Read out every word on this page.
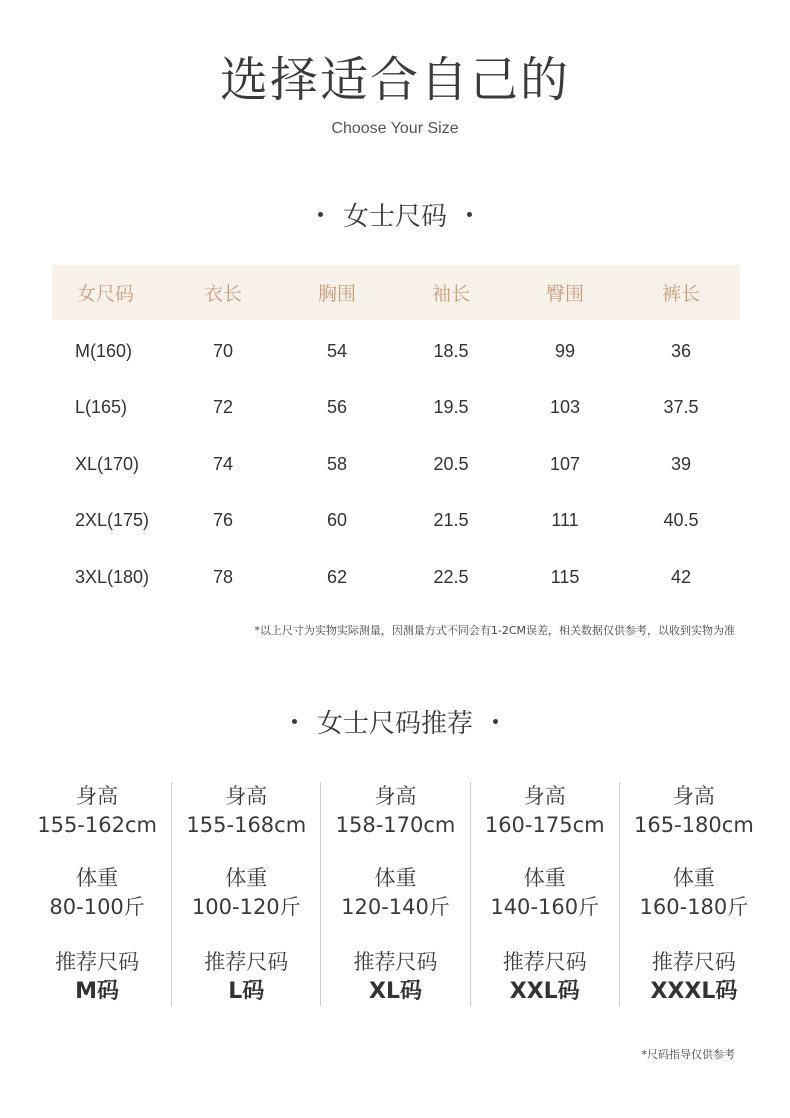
选择适合自己的
Choose Your Size
女士尺码
女尺码	衣长	胸围	袖长	臀围	裤长
M(160)	70	54	18.5	99	36
L(165)	72	56	19.5	103	37.5
XL(170)	74	58	20.5	107	39
2XL(175)	76	60	21.5	111	40.5
3XL(180)	78	62	22.5	115	42
*以上尺寸为实物实际测量，因测量方式不同会有1-2CM误差，相关数据仅供参考，以收到实物为准
女士尺码推荐
身高
155-162cm
体重
80-100斤
推荐尺码
M码
身高
155-168cm
体重
100-120斤
推荐尺码
L码
身高
158-170cm
体重
120-140斤
推荐尺码
XL码
身高
160-175cm
体重
140-160斤
推荐尺码
XXL码
身高
165-180cm
体重
160-180斤
推荐尺码
XXXL码
*尺码指导仅供参考
